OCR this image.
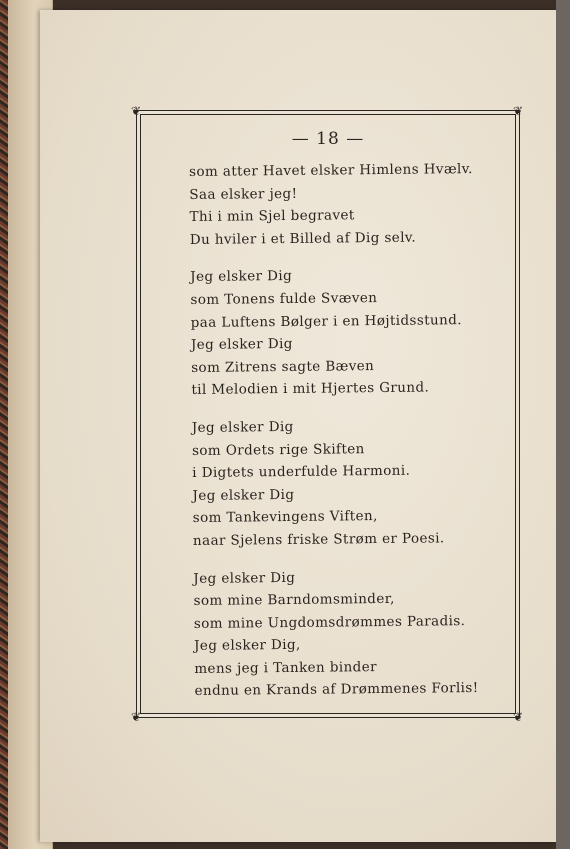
❦	❦
❦	❦
— 18 —
som atter Havet elsker Himlens Hvælv.
Saa elsker jeg!
Thi i min Sjel begravet
Du hviler i et Billed af Dig selv.
Jeg elsker Dig
som Tonens fulde Svæven
paa Luftens Bølger i en Højtidsstund.
Jeg elsker Dig
som Zitrens sagte Bæven
til Melodien i mit Hjertes Grund.
Jeg elsker Dig
som Ordets rige Skiften
i Digtets underfulde Harmoni.
Jeg elsker Dig
som Tankevingens Viften,
naar Sjelens friske Strøm er Poesi.
Jeg elsker Dig
som mine Barndomsminder,
som mine Ungdomsdrømmes Paradis.
Jeg elsker Dig,
mens jeg i Tanken binder
endnu en Krands af Drømmenes Forlis!
